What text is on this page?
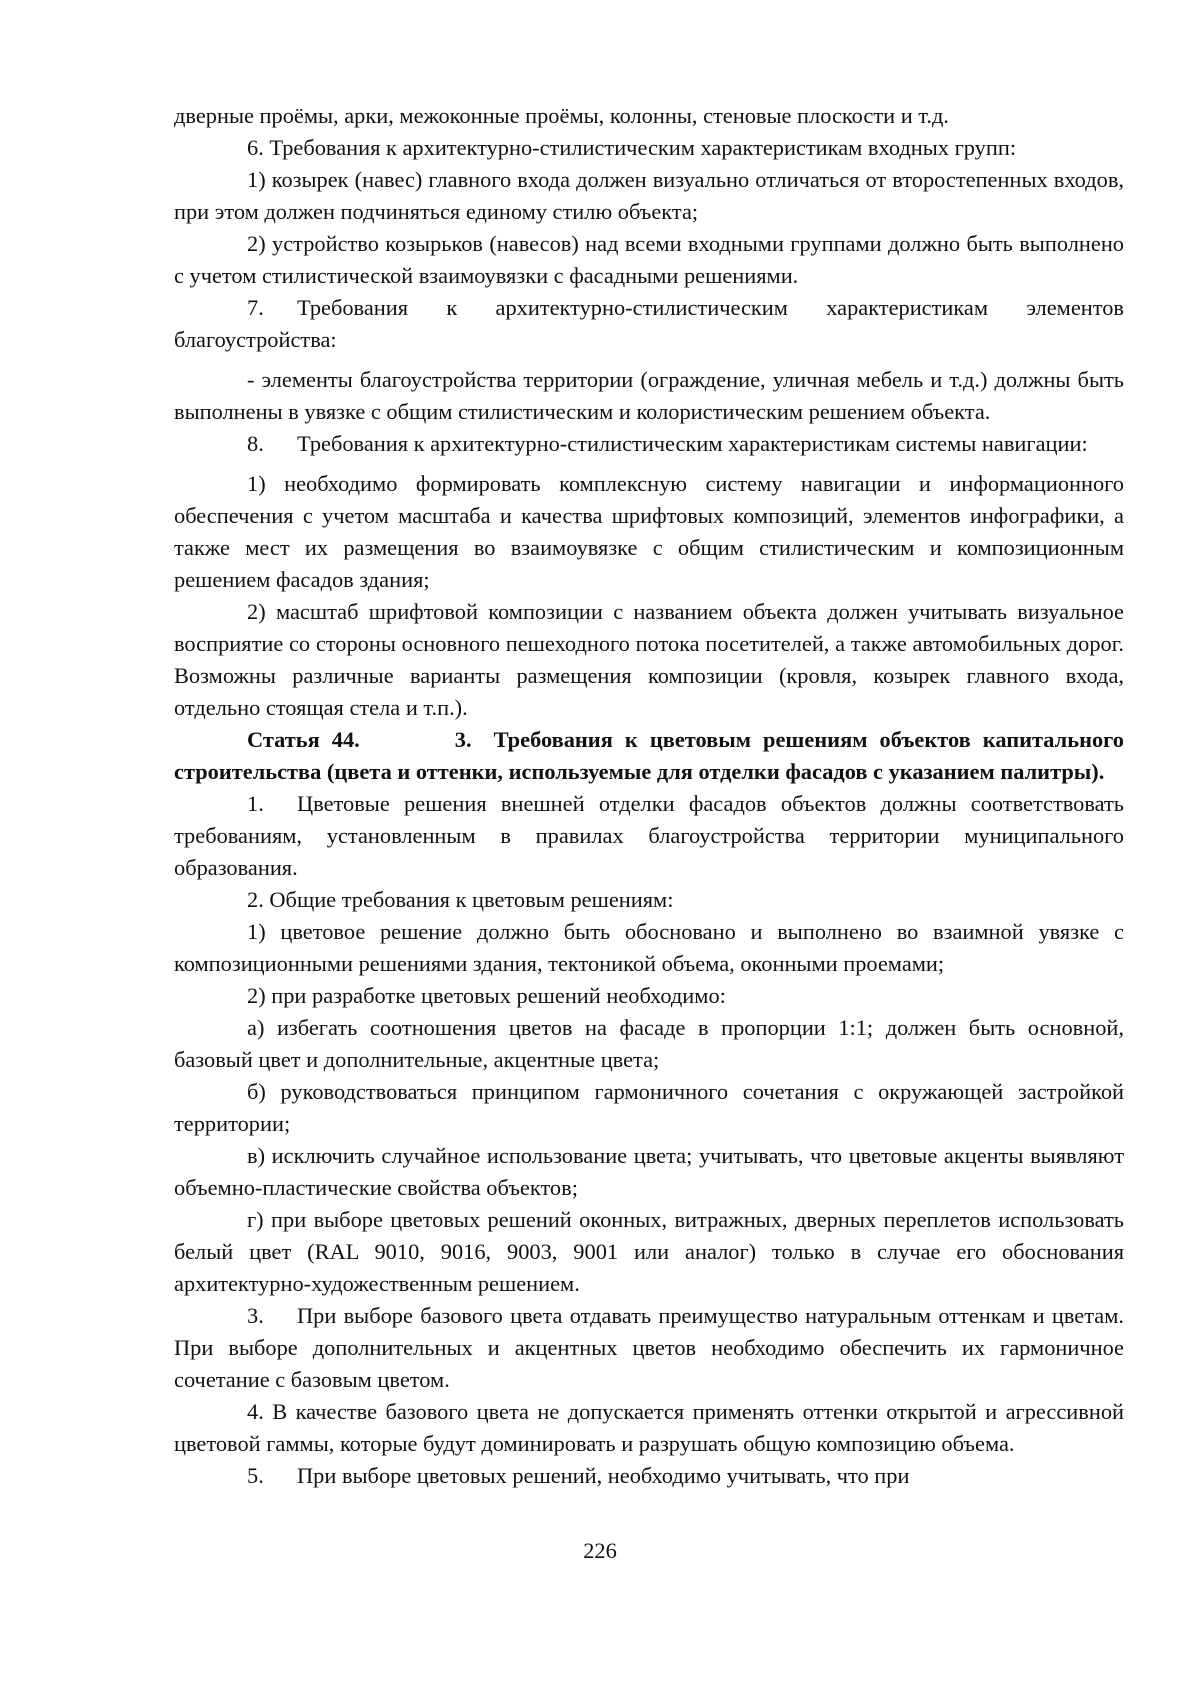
дверные проёмы, арки, межоконные проёмы, колонны, стеновые плоскости и т.д.

6. Требования к архитектурно-стилистическим характеристикам входных групп:

1) козырек (навес) главного входа должен визуально отличаться от второстепенных входов, при этом должен подчиняться единому стилю объекта;

2) устройство козырьков (навесов) над всеми входными группами должно быть выполнено с учетом стилистической взаимоувязки с фасадными решениями.

7. Требования к архитектурно-стилистическим характеристикам элементов благоустройства:

- элементы благоустройства территории (ограждение, уличная мебель и т.д.) должны быть выполнены в увязке с общим стилистическим и колористическим решением объекта.

8. Требования к архитектурно-стилистическим характеристикам системы навигации:

1) необходимо формировать комплексную систему навигации и информационного обеспечения с учетом масштаба и качества шрифтовых композиций, элементов инфографики, а также мест их размещения во взаимоувязке с общим стилистическим и композиционным решением фасадов здания;

2) масштаб шрифтовой композиции с названием объекта должен учитывать визуальное восприятие со стороны основного пешеходного потока посетителей, а также автомобильных дорог. Возможны различные варианты размещения композиции (кровля, козырек главного входа, отдельно стоящая стела и т.п.).

Статья 44.	3. Требования к цветовым решениям объектов капитального строительства (цвета и оттенки, используемые для отделки фасадов с указанием палитры).

1. Цветовые решения внешней отделки фасадов объектов должны соответствовать требованиям, установленным в правилах благоустройства территории муниципального образования.

2. Общие требования к цветовым решениям:

1) цветовое решение должно быть обосновано и выполнено во взаимной увязке с композиционными решениями здания, тектоникой объема, оконными проемами;

2) при разработке цветовых решений необходимо:

а) избегать соотношения цветов на фасаде в пропорции 1:1; должен быть основной, базовый цвет и дополнительные, акцентные цвета;

б) руководствоваться принципом гармоничного сочетания с окружающей застройкой территории;

в) исключить случайное использование цвета; учитывать, что цветовые акценты выявляют объемно-пластические свойства объектов;

г) при выборе цветовых решений оконных, витражных, дверных переплетов использовать белый цвет (RAL 9010, 9016, 9003, 9001 или аналог) только в случае его обоснования архитектурно-художественным решением.

3. При выборе базового цвета отдавать преимущество натуральным оттенкам и цветам. При выборе дополнительных и акцентных цветов необходимо обеспечить их гармоничное сочетание с базовым цветом.

4. В качестве базового цвета не допускается применять оттенки открытой и агрессивной цветовой гаммы, которые будут доминировать и разрушать общую композицию объема.

5. При выборе цветовых решений, необходимо учитывать, что при

226
